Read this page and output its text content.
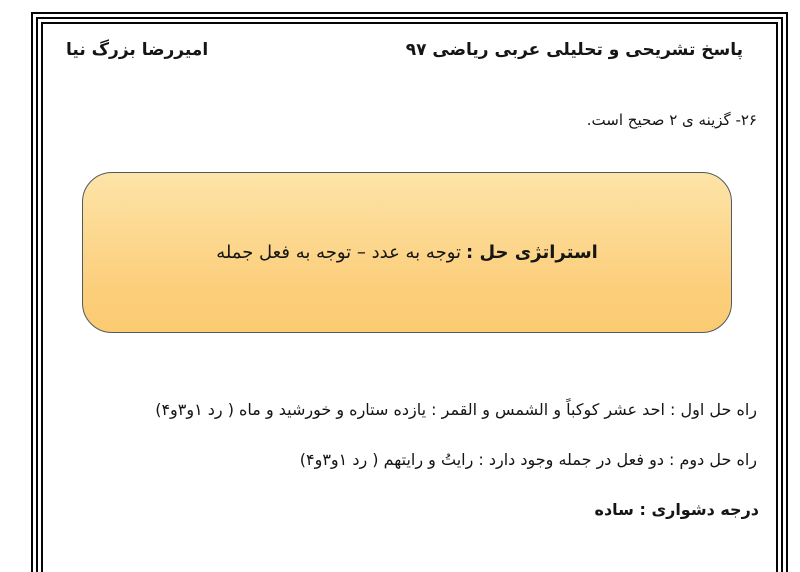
پاسخ تشریحی و تحلیلی عربی ریاضی ۹۷
امیررضا بزرگ نیا
۲۶- گزینه ی ۲ صحیح است.
استراتژی حل :توجه به عدد – توجه به فعل جمله
راه حل اول : احد عشر کوکباً و الشمس و القمر : یازده ستاره و خورشید و ماه ( رد ۱و۳و۴)
راه حل دوم : دو فعل در جمله وجود دارد : رایتُ و رایتهم ( رد ۱و۳و۴)
درجه دشواری : ساده
